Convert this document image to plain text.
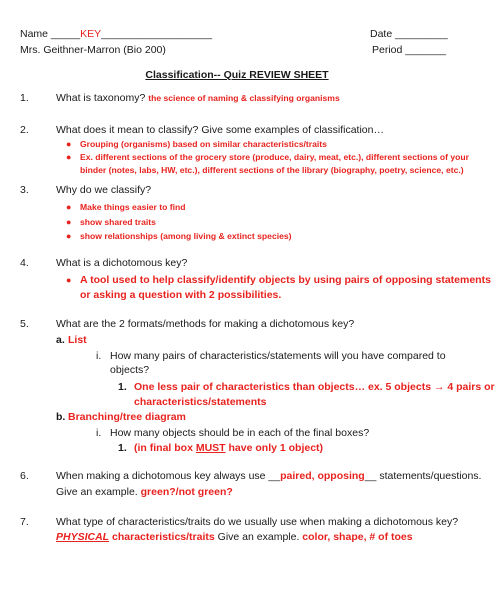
Name _____KEY___________________	Date _________
Mrs. Geithner-Marron (Bio 200)	Period _______
Classification-- Quiz REVIEW SHEET
1.	What is taxonomy? the science of naming & classifying organisms
2.	What does it mean to classify? Give some examples of classification…
● Grouping (organisms) based on similar characteristics/traits
● Ex. different sections of the grocery store (produce, dairy, meat, etc.), different sections of your
binder (notes, labs, HW, etc.), different sections of the library (biography, poetry, science, etc.)
3.	Why do we classify?
● Make things easier to find
● show shared traits
● show relationships (among living & extinct species)
4.	What is a dichotomous key?
● A tool used to help classify/identify objects by using pairs of opposing statements
or asking a question with 2 possibilities.
5.	What are the 2 formats/methods for making a dichotomous key?
a. List
i. How many pairs of characteristics/statements will you have compared to
objects?
1. One less pair of characteristics than objects… ex. 5 objects → 4 pairs or
characteristics/statements
b. Branching/tree diagram
i. How many objects should be in each of the final boxes?
1. (in final box MUST have only 1 object)
6.	When making a dichotomous key always use __paired, opposing__ statements/questions.
Give an example. green?/not green?
7.	What type of characteristics/traits do we usually use when making a dichotomous key?
PHYSICAL characteristics/traits Give an example. color, shape, # of toes
